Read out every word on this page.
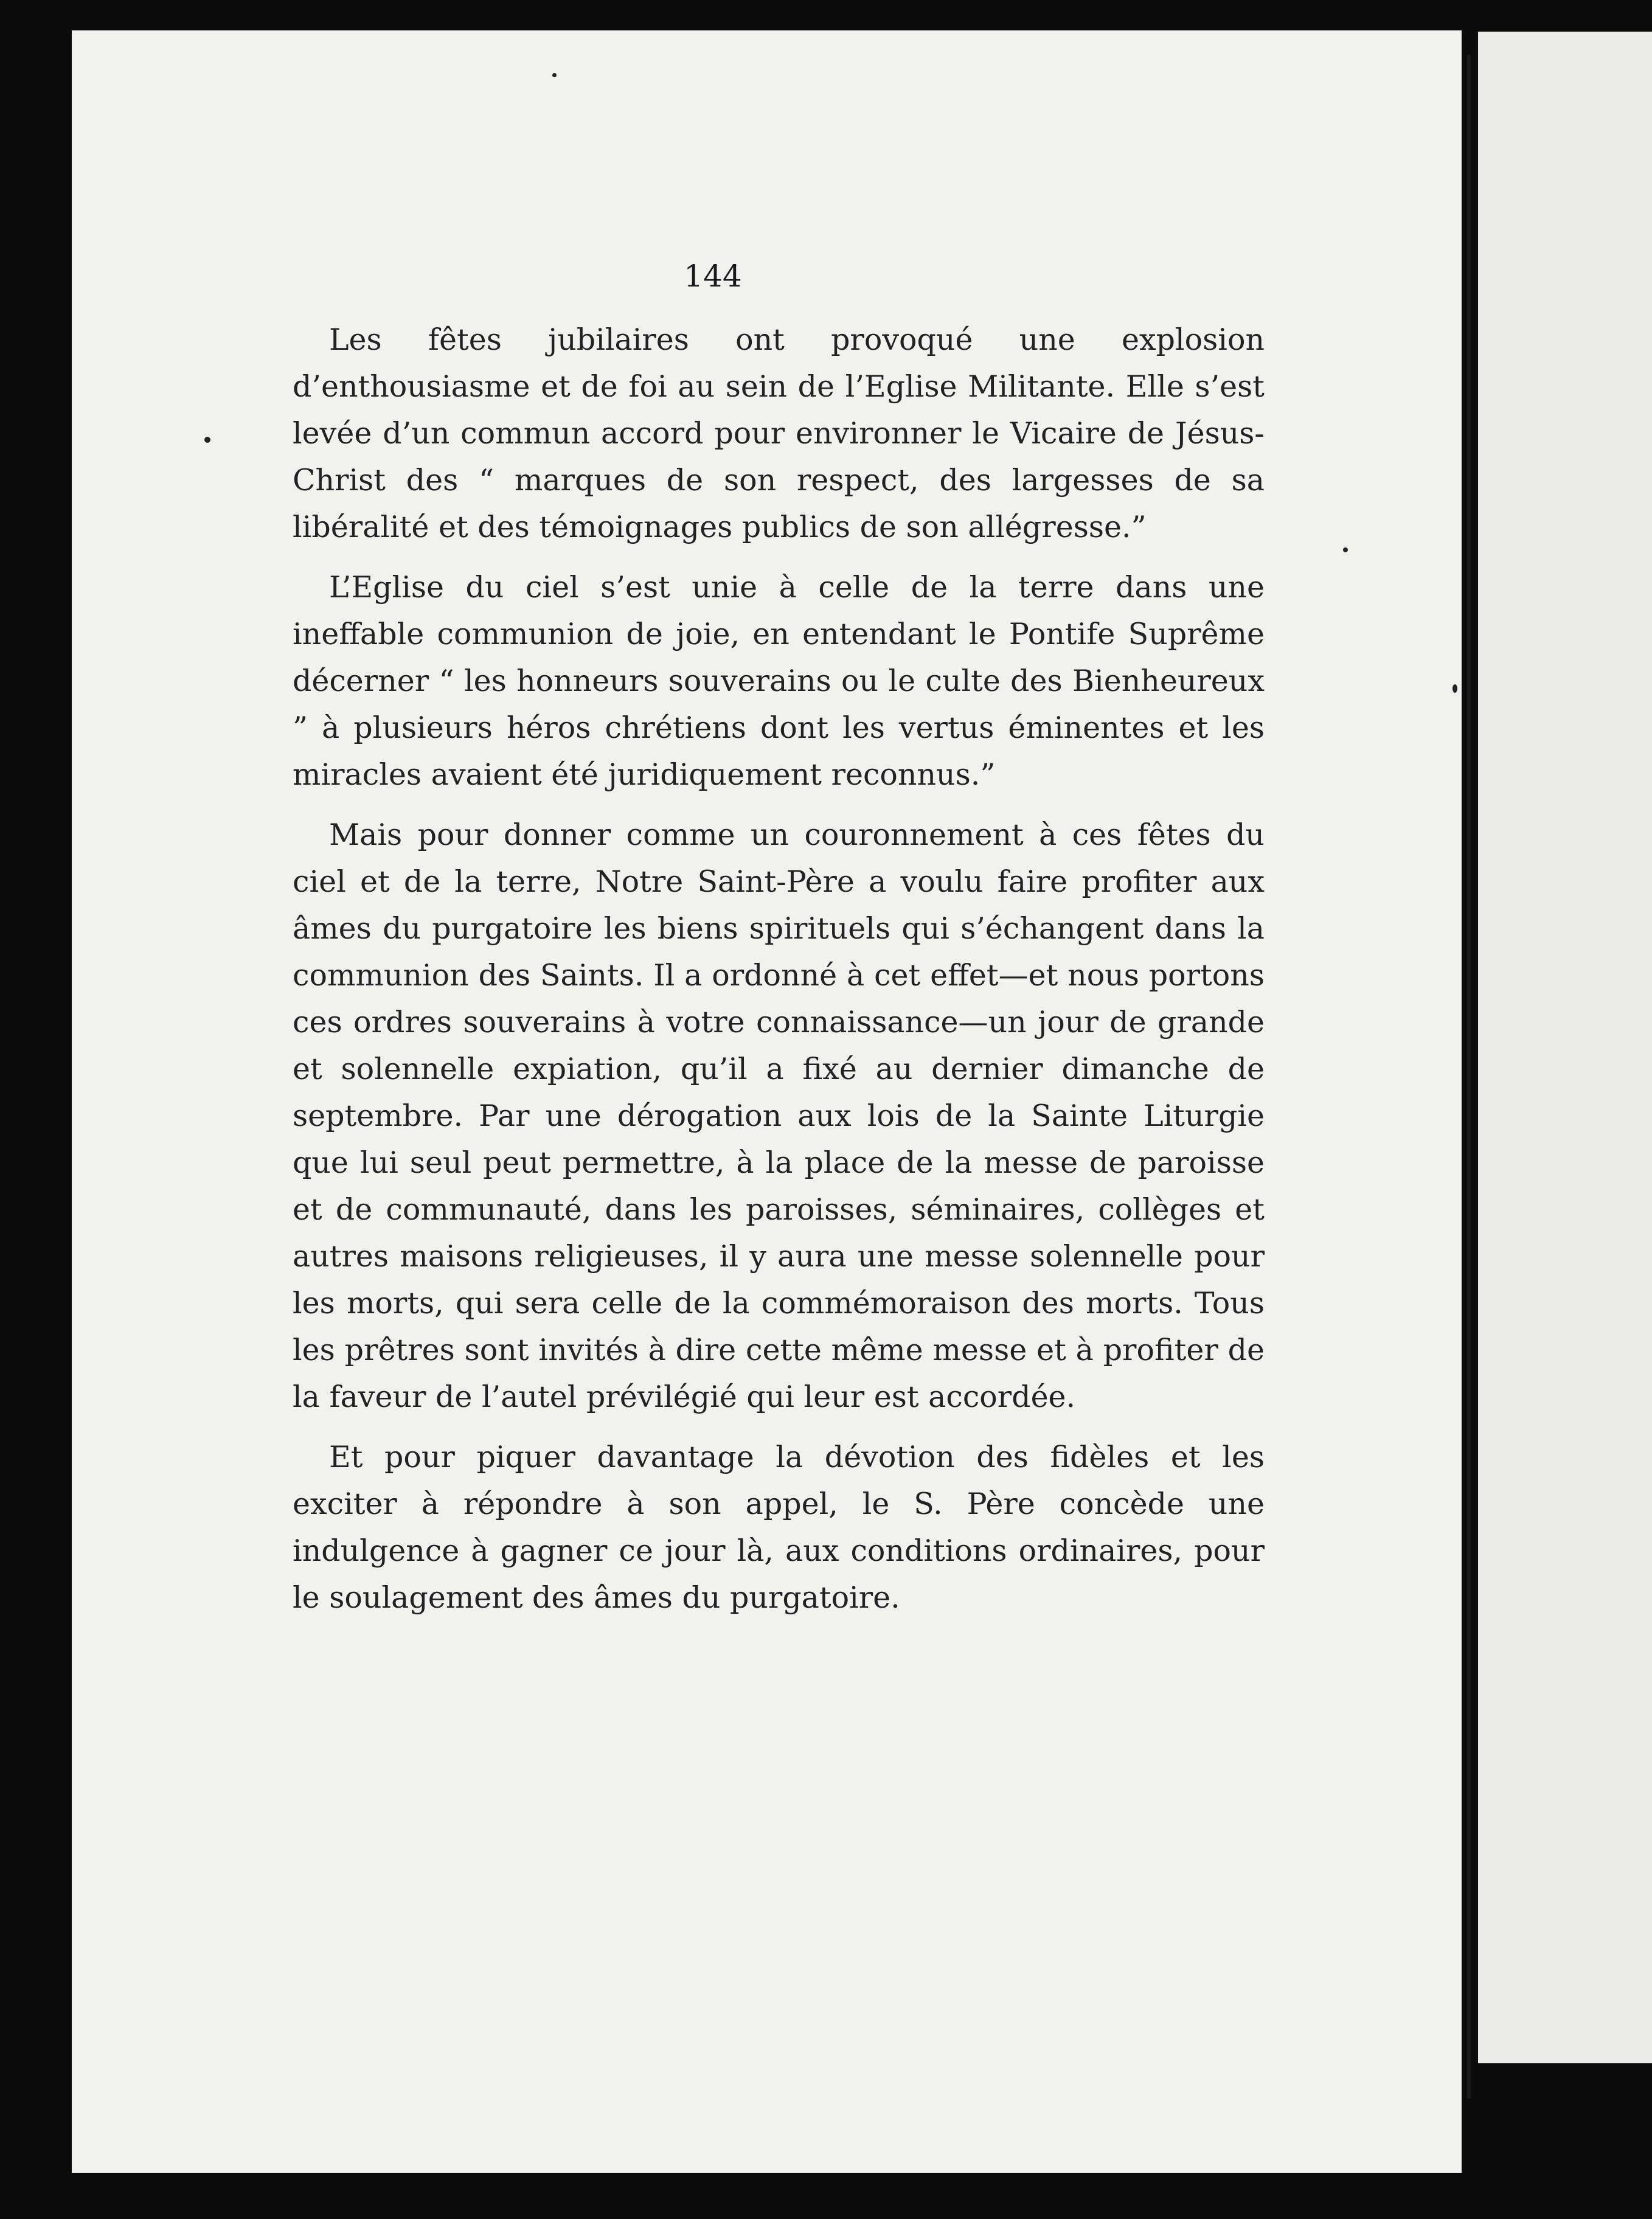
144

Les fêtes jubilaires ont provoqué une explosion d’enthousiasme et de foi au sein de l’Eglise Militante. Elle s’est levée d’un commun accord pour environner le Vicaire de Jésus-Christ des “ marques de son respect, des largesses de sa libéralité et des témoignages publics de son allégresse.”

L’Eglise du ciel s’est unie à celle de la terre dans une ineffable communion de joie, en entendant le Pontife Suprême décerner “ les honneurs souverains ou le culte des Bienheureux ” à plusieurs héros chrétiens dont les vertus éminentes et les miracles avaient été juridiquement reconnus.”

Mais pour donner comme un couronnement à ces fêtes du ciel et de la terre, Notre Saint-Père a voulu faire profiter aux âmes du purgatoire les biens spirituels qui s’échangent dans la communion des Saints. Il a ordonné à cet effet—et nous portons ces ordres souverains à votre connaissance—un jour de grande et solennelle expiation, qu’il a fixé au dernier dimanche de septembre. Par une dérogation aux lois de la Sainte Liturgie que lui seul peut permettre, à la place de la messe de paroisse et de communauté, dans les paroisses, séminaires, collèges et autres maisons religieuses, il y aura une messe solennelle pour les morts, qui sera celle de la commémoraison des morts. Tous les prêtres sont invités à dire cette même messe et à profiter de la faveur de l’autel prévilégié qui leur est accordée.

Et pour piquer davantage la dévotion des fidèles et les exciter à répondre à son appel, le S. Père concède une indulgence à gagner ce jour là, aux conditions ordinaires, pour le soulagement des âmes du purgatoire.
